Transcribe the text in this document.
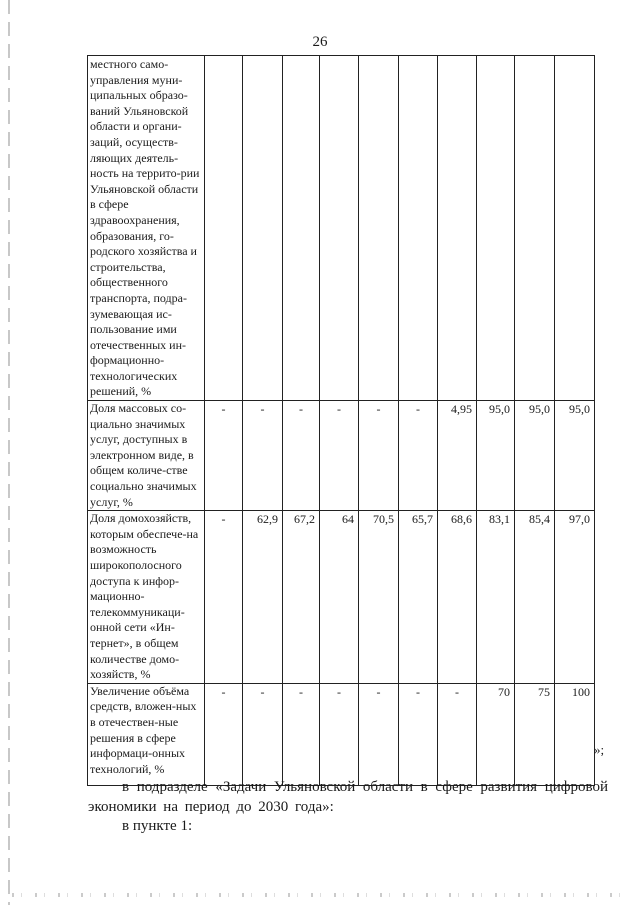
26
местного само-управления муни-ципальных образо-ваний Ульяновской области и органи-заций, осуществ-ляющих деятель-ность на террито-рии Ульяновской области в сфере здравоохранения, образования, го-родского хозяйства и строительства, общественного транспорта, подра-зумевающая ис-пользование ими отечественных ин-формационно-технологических решений, %										
Доля массовых со-циально значимых услуг, доступных в электронном виде, в общем количе-стве социально значимых услуг, %	-	-	-	-	-	-	4,95	95,0	95,0	95,0
Доля домохозяйств, которым обеспече-на возможность широкополосного доступа к инфор-мационно-телекоммуникаци-онной сети «Ин-тернет», в общем количестве домо-хозяйств, %	-	62,9	67,2	64	70,5	65,7	68,6	83,1	85,4	97,0
Увеличение объёма средств, вложен-ных в отечествен-ные решения в сфере информаци-онных технологий, %	-	-	-	-	-	-	-	70	75	100
»;

в подразделе «Задачи Ульяновской области в сфере развития цифровой экономики на период до 2030 года»:

в пункте 1:
